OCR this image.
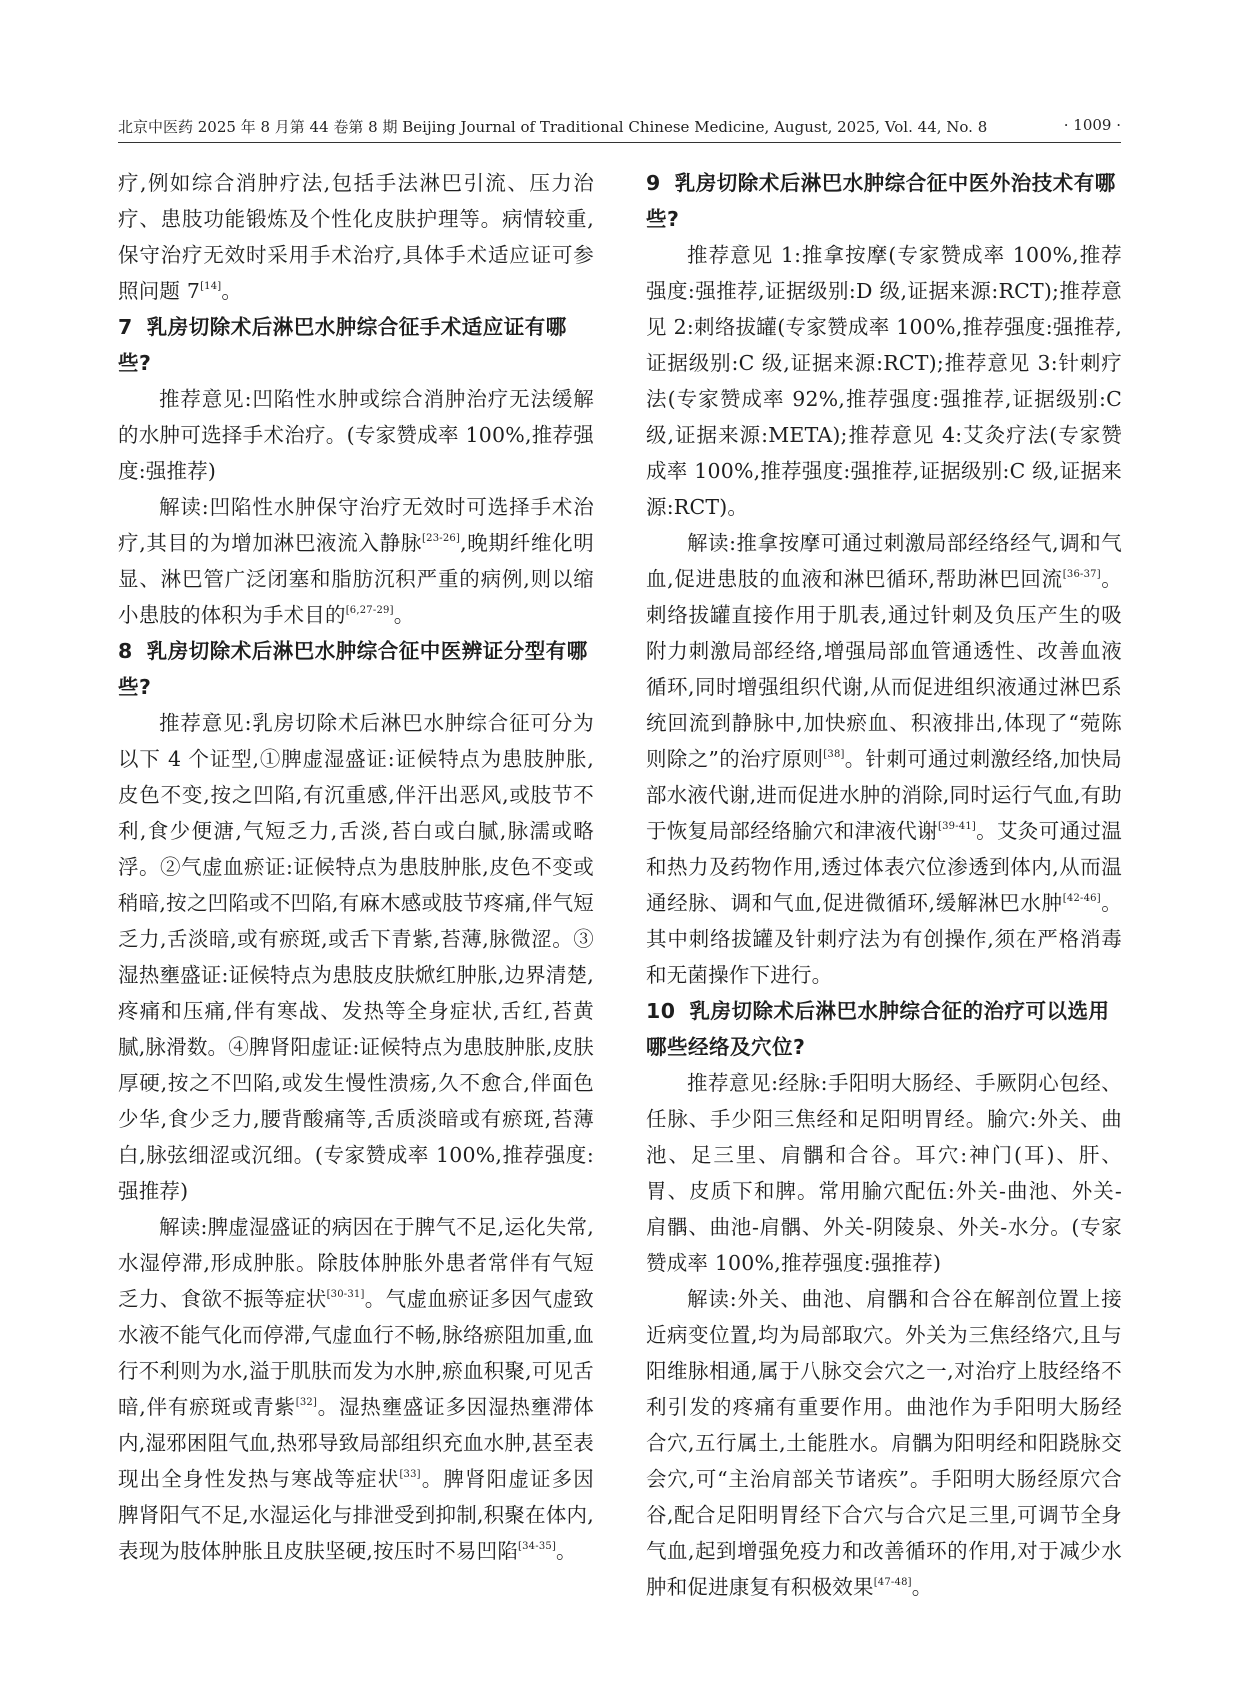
北京中医药 2025 年 8 月第 44 卷第 8 期 Beijing Journal of Traditional Chinese Medicine, August, 2025, Vol. 44, No. 8	· 1009 ·

疗,例如综合消肿疗法,包括手法淋巴引流、压力治疗、患肢功能锻炼及个性化皮肤护理等。病情较重,保守治疗无效时采用手术治疗,具体手术适应证可参照问题 7[14]。

7 乳房切除术后淋巴水肿综合征手术适应证有哪些?

推荐意见:凹陷性水肿或综合消肿治疗无法缓解的水肿可选择手术治疗。(专家赞成率 100%,推荐强度:强推荐)

解读:凹陷性水肿保守治疗无效时可选择手术治疗,其目的为增加淋巴液流入静脉[23-26],晚期纤维化明显、淋巴管广泛闭塞和脂肪沉积严重的病例,则以缩小患肢的体积为手术目的[6,27-29]。

8 乳房切除术后淋巴水肿综合征中医辨证分型有哪些?

推荐意见:乳房切除术后淋巴水肿综合征可分为以下 4 个证型,①脾虚湿盛证:证候特点为患肢肿胀,皮色不变,按之凹陷,有沉重感,伴汗出恶风,或肢节不利,食少便溏,气短乏力,舌淡,苔白或白腻,脉濡或略浮。②气虚血瘀证:证候特点为患肢肿胀,皮色不变或稍暗,按之凹陷或不凹陷,有麻木感或肢节疼痛,伴气短乏力,舌淡暗,或有瘀斑,或舌下青紫,苔薄,脉微涩。③湿热壅盛证:证候特点为患肢皮肤焮红肿胀,边界清楚,疼痛和压痛,伴有寒战、发热等全身症状,舌红,苔黄腻,脉滑数。④脾肾阳虚证:证候特点为患肢肿胀,皮肤厚硬,按之不凹陷,或发生慢性溃疡,久不愈合,伴面色少华,食少乏力,腰背酸痛等,舌质淡暗或有瘀斑,苔薄白,脉弦细涩或沉细。(专家赞成率 100%,推荐强度:强推荐)

解读:脾虚湿盛证的病因在于脾气不足,运化失常,水湿停滞,形成肿胀。除肢体肿胀外患者常伴有气短乏力、食欲不振等症状[30-31]。气虚血瘀证多因气虚致水液不能气化而停滞,气虚血行不畅,脉络瘀阻加重,血行不利则为水,溢于肌肤而发为水肿,瘀血积聚,可见舌暗,伴有瘀斑或青紫[32]。湿热壅盛证多因湿热壅滞体内,湿邪困阻气血,热邪导致局部组织充血水肿,甚至表现出全身性发热与寒战等症状[33]。脾肾阳虚证多因脾肾阳气不足,水湿运化与排泄受到抑制,积聚在体内,表现为肢体肿胀且皮肤坚硬,按压时不易凹陷[34-35]。

9 乳房切除术后淋巴水肿综合征中医外治技术有哪些?

推荐意见 1:推拿按摩(专家赞成率 100%,推荐强度:强推荐,证据级别:D 级,证据来源:RCT);推荐意见 2:刺络拔罐(专家赞成率 100%,推荐强度:强推荐,证据级别:C 级,证据来源:RCT);推荐意见 3:针刺疗法(专家赞成率 92%,推荐强度:强推荐,证据级别:C 级,证据来源:META);推荐意见 4:艾灸疗法(专家赞成率 100%,推荐强度:强推荐,证据级别:C 级,证据来源:RCT)。

解读:推拿按摩可通过刺激局部经络经气,调和气血,促进患肢的血液和淋巴循环,帮助淋巴回流[36-37]。刺络拔罐直接作用于肌表,通过针刺及负压产生的吸附力刺激局部经络,增强局部血管通透性、改善血液循环,同时增强组织代谢,从而促进组织液通过淋巴系统回流到静脉中,加快瘀血、积液排出,体现了“菀陈则除之”的治疗原则[38]。针刺可通过刺激经络,加快局部水液代谢,进而促进水肿的消除,同时运行气血,有助于恢复局部经络腧穴和津液代谢[39-41]。艾灸可通过温和热力及药物作用,透过体表穴位渗透到体内,从而温通经脉、调和气血,促进微循环,缓解淋巴水肿[42-46]。其中刺络拔罐及针刺疗法为有创操作,须在严格消毒和无菌操作下进行。

10 乳房切除术后淋巴水肿综合征的治疗可以选用哪些经络及穴位?

推荐意见:经脉:手阳明大肠经、手厥阴心包经、任脉、手少阳三焦经和足阳明胃经。腧穴:外关、曲池、足三里、肩髃和合谷。耳穴:神门(耳)、肝、胃、皮质下和脾。常用腧穴配伍:外关-曲池、外关-肩髃、曲池-肩髃、外关-阴陵泉、外关-水分。(专家赞成率 100%,推荐强度:强推荐)

解读:外关、曲池、肩髃和合谷在解剖位置上接近病变位置,均为局部取穴。外关为三焦经络穴,且与阳维脉相通,属于八脉交会穴之一,对治疗上肢经络不利引发的疼痛有重要作用。曲池作为手阳明大肠经合穴,五行属土,土能胜水。肩髃为阳明经和阳跷脉交会穴,可“主治肩部关节诸疾”。手阳明大肠经原穴合谷,配合足阳明胃经下合穴与合穴足三里,可调节全身气血,起到增强免疫力和改善循环的作用,对于减少水肿和促进康复有积极效果[47-48]。
